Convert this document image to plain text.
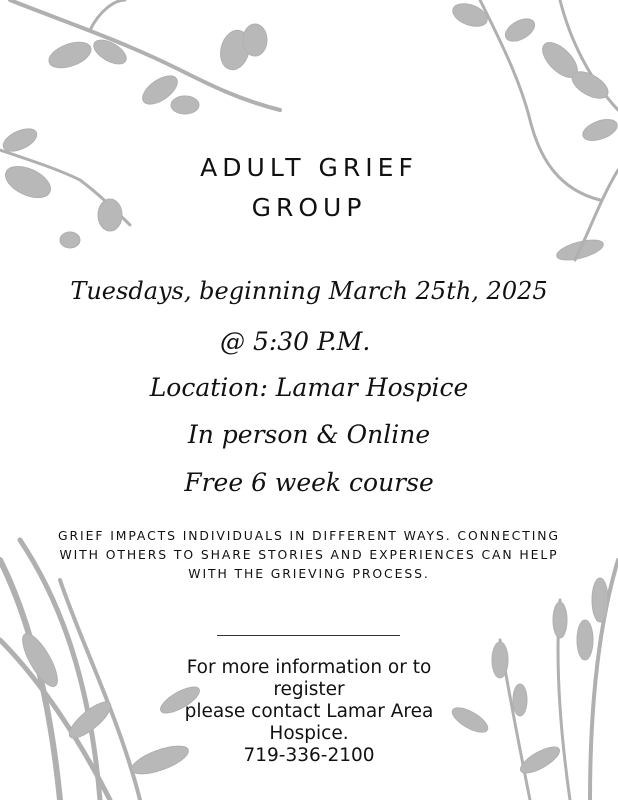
ADULT GRIEF
GROUP
Tuesdays, beginning March 25th, 2025
@ 5:30 P.M.
Location: Lamar Hospice
In person & Online
Free 6 week course
GRIEF IMPACTS INDIVIDUALS IN DIFFERENT WAYS. CONNECTING WITH OTHERS TO SHARE STORIES AND EXPERIENCES CAN HELP WITH THE GRIEVING PROCESS.
For more information or to
register
please contact Lamar Area
Hospice.
719-336-2100
